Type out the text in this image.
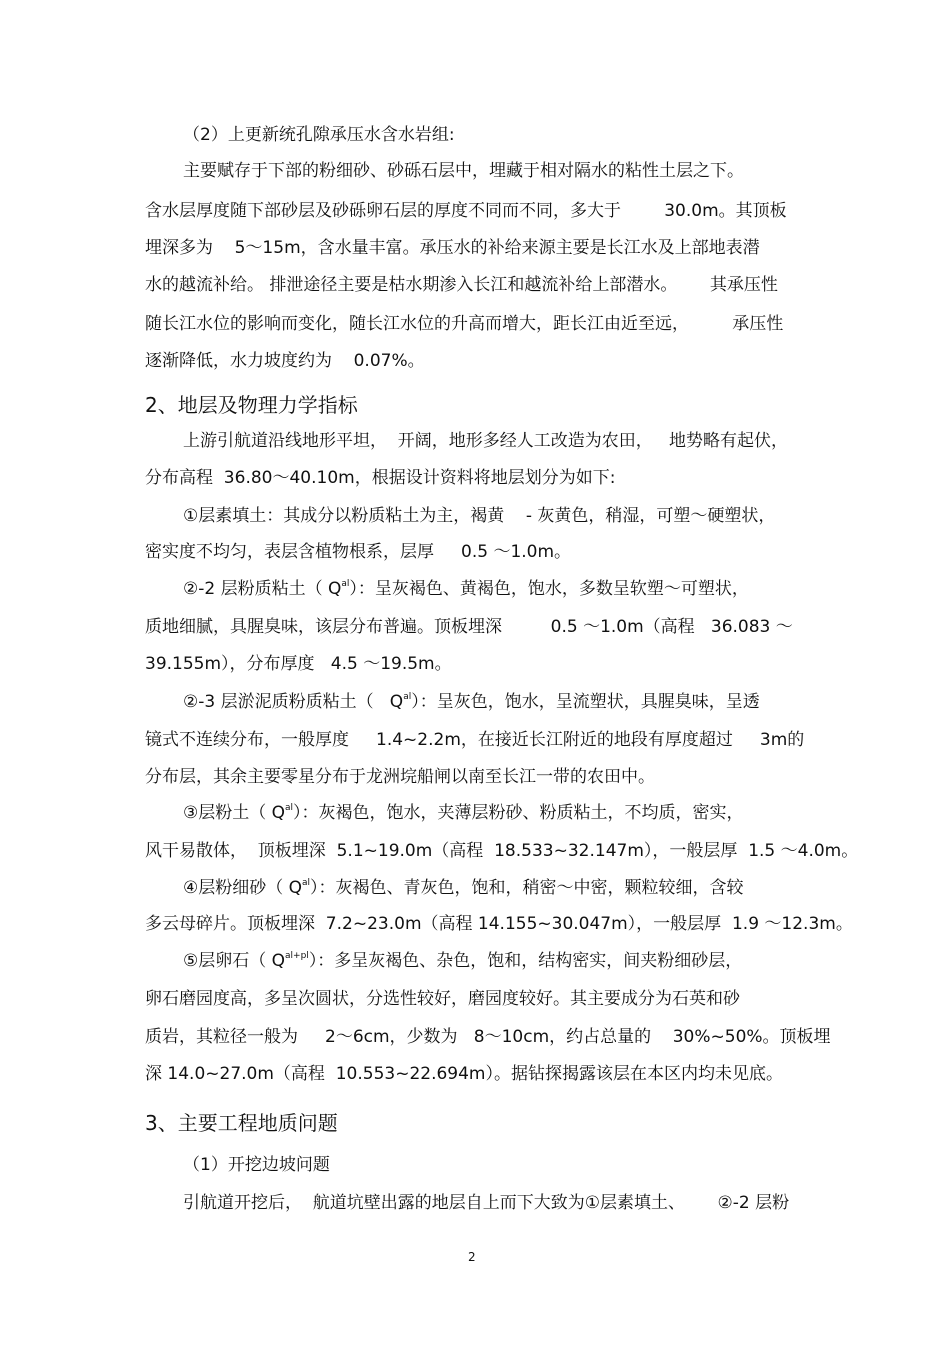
（2）上更新统孔隙承压水含水岩组:
主要赋存于下部的粉细砂、砂砾石层中，埋藏于相对隔水的粘性土层之下。
含水层厚度随下部砂层及砂砾卵石层的厚度不同而不同，多大于        30.0m。其顶板
埋深多为    5～15m，含水量丰富。承压水的补给来源主要是长江水及上部地表潜
水的越流补给。 排泄途径主要是枯水期渗入长江和越流补给上部潜水。      其承压性
随长江水位的影响而变化，随长江水位的升高而增大，距长江由近至远，        承压性
逐渐降低，水力坡度约为    0.07%。
2、地层及物理力学指标
上游引航道沿线地形平坦，  开阔，地形多经人工改造为农田，   地势略有起伏，
分布高程  36.80～40.10m，根据设计资料将地层划分为如下:
①层素填土：其成分以粉质粘土为主，褐黄    - 灰黄色，稍湿，可塑～硬塑状，
密实度不均匀，表层含植物根系，层厚     0.5 ～1.0m。
②-2 层粉质粘土（ $Q^{al}$）：呈灰褐色、黄褐色，饱水，多数呈软塑～可塑状，
质地细腻，具腥臭味，该层分布普遍。顶板埋深         0.5 ～1.0m（高程   36.083 ～
39.155m），分布厚度   4.5 ～19.5m。
②-3 层淤泥质粉质粘土（   $Q^{al}$）：呈灰色，饱水，呈流塑状，具腥臭味，呈透
镜式不连续分布，一般厚度     1.4~2.2m，在接近长江附近的地段有厚度超过     3m的
分布层，其余主要零星分布于龙洲垸船闸以南至长江一带的农田中。
③层粉土（ $Q^{al}$）：灰褐色，饱水，夹薄层粉砂、粉质粘土，不均质，密实，
风干易散体，  顶板埋深  5.1~19.0m（高程  18.533~32.147m），一般层厚  1.5 ～4.0m。
④层粉细砂（ $Q^{al}$）：灰褐色、青灰色，饱和，稍密～中密，颗粒较细，含较
多云母碎片。顶板埋深  7.2~23.0m（高程 14.155~30.047m），一般层厚  1.9 ～12.3m。
⑤层卵石（ $Q^{al+pl}$）：多呈灰褐色、杂色，饱和，结构密实，间夹粉细砂层，
卵石磨园度高，多呈次圆状，分选性较好，磨园度较好。其主要成分为石英和砂
质岩，其粒径一般为     2～6cm，少数为   8～10cm，约占总量的    30%~50%。顶板埋
深 14.0~27.0m（高程  10.553~22.694m）。据钻探揭露该层在本区内均未见底。
3、主要工程地质问题
（1）开挖边坡问题
引航道开挖后，  航道坑壁出露的地层自上而下大致为①层素填土、      ②-2 层粉
2
